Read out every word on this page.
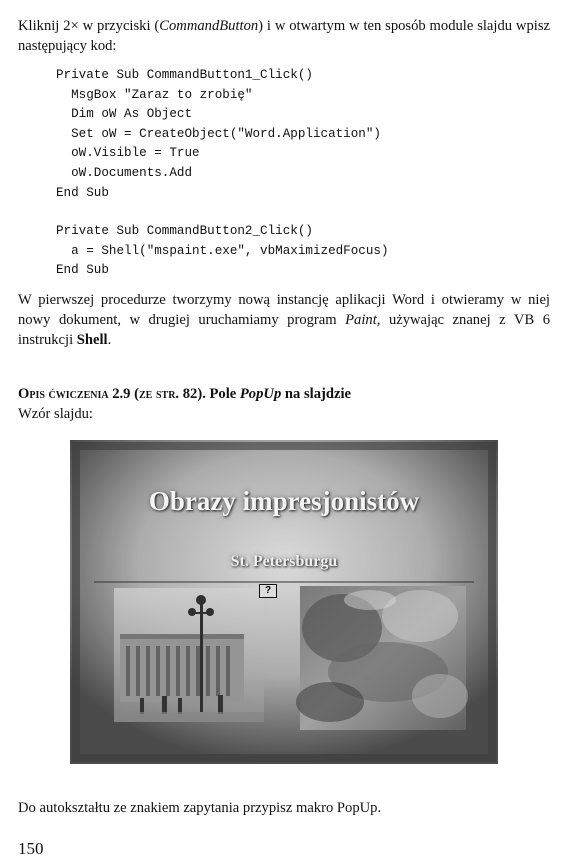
Kliknij 2× w przyciski (CommandButton) i w otwartym w ten sposób module slajdu wpisz następujący kod:
Private Sub CommandButton1_Click()
MsgBox "Zaraz to zrobię"
Dim oW As Object
Set oW = CreateObject("Word.Application")
oW.Visible = True
oW.Documents.Add
End Sub
Private Sub CommandButton2_Click()
a = Shell("mspaint.exe", vbMaximizedFocus)
End Sub
W pierwszej procedurze tworzymy nową instancję aplikacji Word i otwieramy w niej nowy dokument, w drugiej uruchamiamy program Paint, używając znanej z VB 6 instrukcji Shell.
Opis ćwiczenia 2.9 (ze str. 82). Pole PopUp na slajdzie
Wzór slajdu:
Obrazy impresjonistów
St. Petersburgu
?
Do autokształtu ze znakiem zapytania przypisz makro PopUp.
150
